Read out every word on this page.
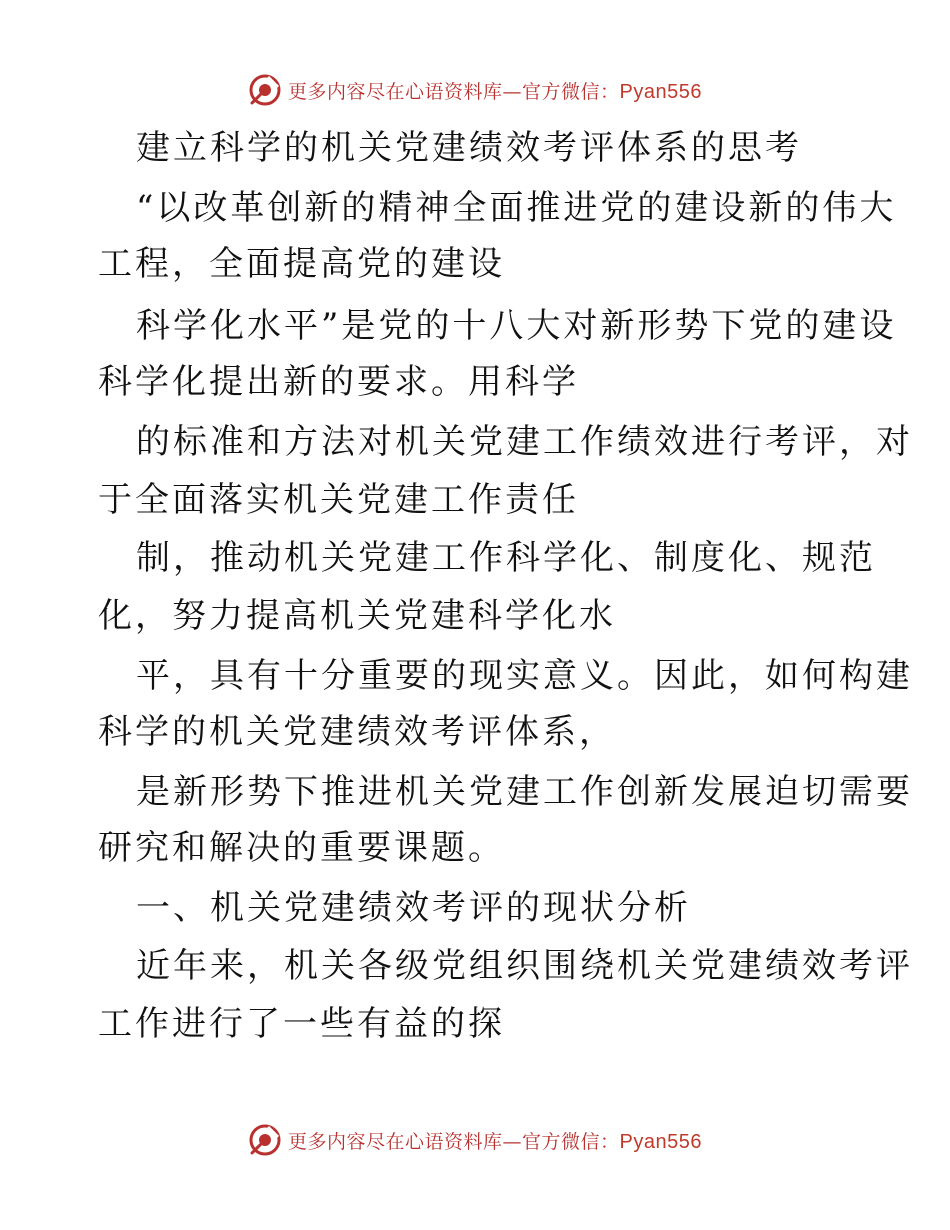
更多内容尽在心语资料库—官方微信：Pyan556
建立科学的机关党建绩效考评体系的思考
“以改革创新的精神全面推进党的建设新的伟大
工程，全面提高党的建设
科学化水平”是党的十八大对新形势下党的建设
科学化提出新的要求。用科学
的标准和方法对机关党建工作绩效进行考评，对
于全面落实机关党建工作责任
制，推动机关党建工作科学化、制度化、规范
化，努力提高机关党建科学化水
平，具有十分重要的现实意义。因此，如何构建
科学的机关党建绩效考评体系，
是新形势下推进机关党建工作创新发展迫切需要
研究和解决的重要课题。
一、机关党建绩效考评的现状分析
近年来，机关各级党组织围绕机关党建绩效考评
工作进行了一些有益的探
更多内容尽在心语资料库—官方微信：Pyan556
